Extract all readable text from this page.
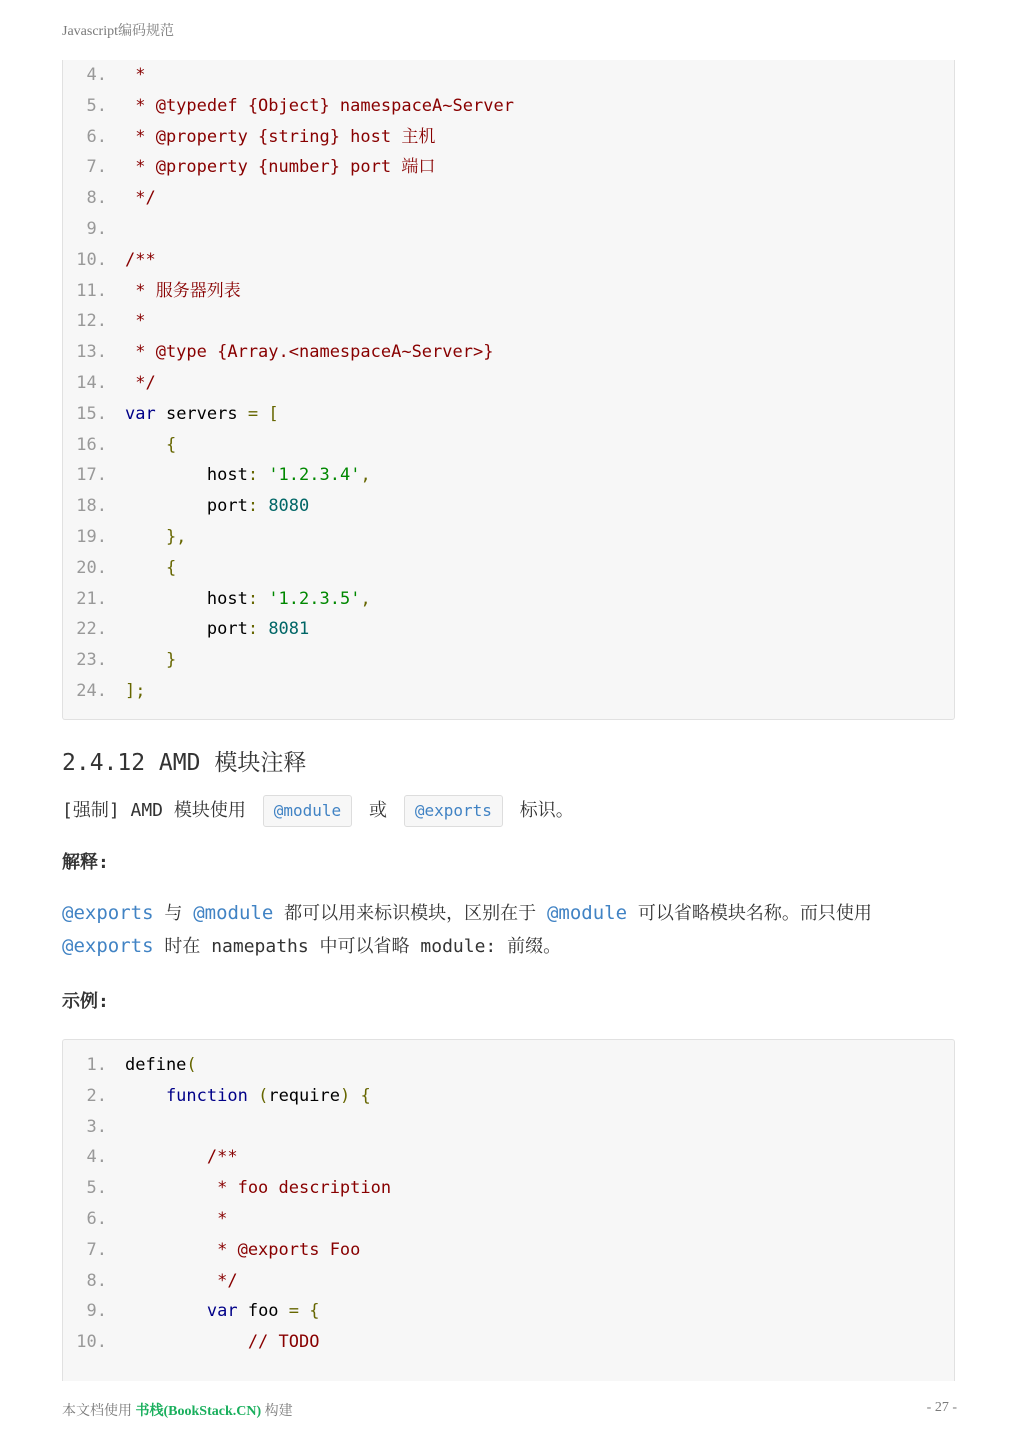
Javascript编码规范
4. *
5. * @typedef {Object} namespaceA~Server
6. * @property {string} host 主机
7. * @property {number} port 端口
8. */
9.
10. /**
11. * 服务器列表
12. *
13. * @type {Array.<namespaceA~Server>}
14. */
15. var servers = [
16. {
17. host: '1.2.3.4',
18. port: 8080
19. },
20. {
21. host: '1.2.3.5',
22. port: 8081
23. }
24. ];
2.4.12 AMD 模块注释
[强制] AMD 模块使用 @module 或 @exports 标识。
解释:
@exports 与 @module 都可以用来标识模块，区别在于 @module 可以省略模块名称。而只使用
@exports 时在 namepaths 中可以省略 module: 前缀。
示例:
1. define(
2. function (require) {
3.
4. /**
5. * foo description
6. *
7. * @exports Foo
8. */
9. var foo = {
10. // TODO
本文档使用 书栈(BookStack.CN) 构建	- 27 -
